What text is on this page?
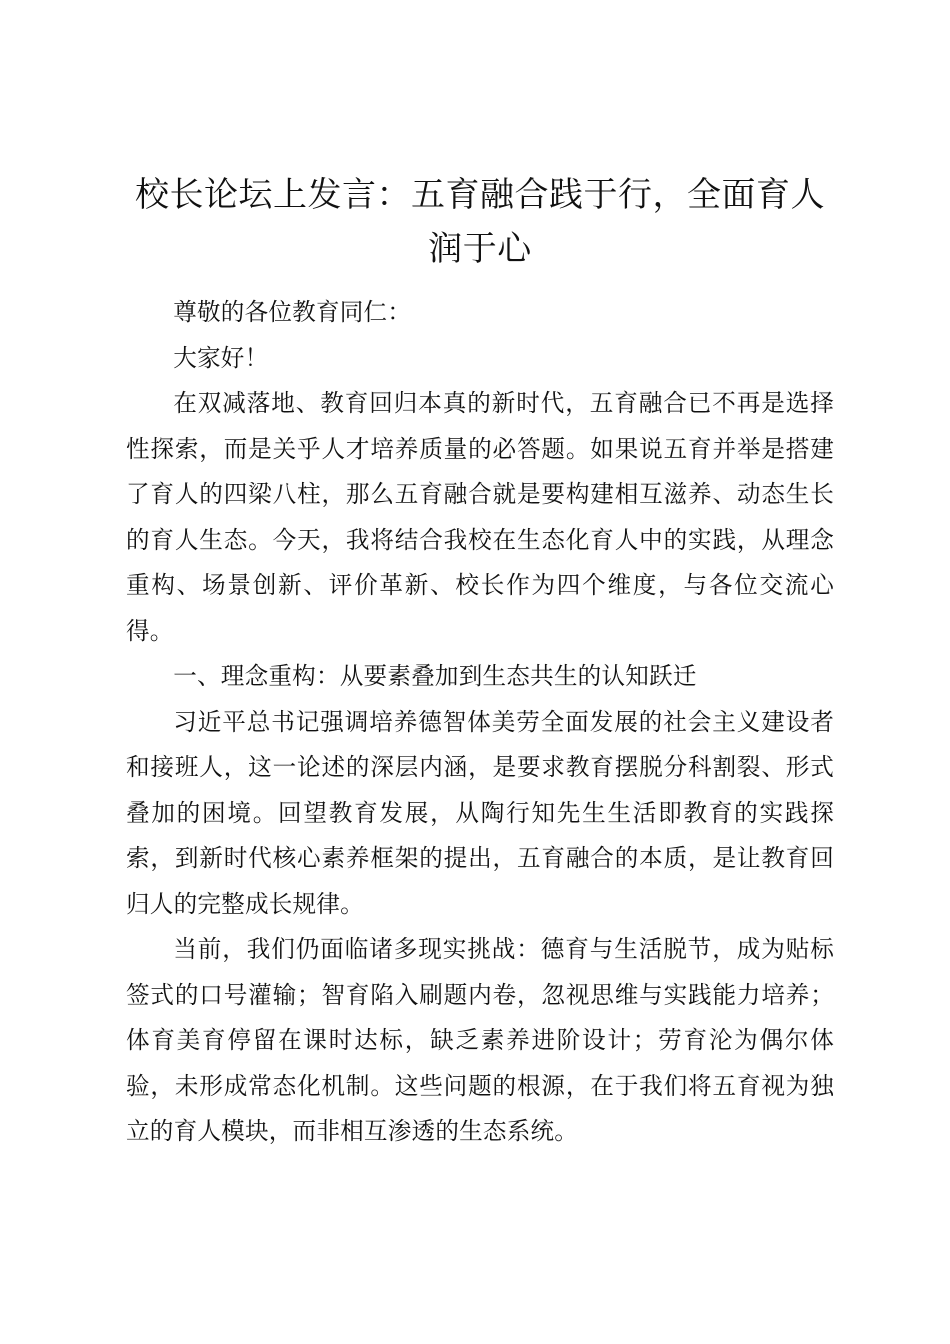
校长论坛上发言：五育融合践于行，全面育人润于心

尊敬的各位教育同仁：

大家好！

在双减落地、教育回归本真的新时代，五育融合已不再是选择性探索，而是关乎人才培养质量的必答题。如果说五育并举是搭建了育人的四梁八柱，那么五育融合就是要构建相互滋养、动态生长的育人生态。今天，我将结合我校在生态化育人中的实践，从理念重构、场景创新、评价革新、校长作为四个维度，与各位交流心得。

一、理念重构：从要素叠加到生态共生的认知跃迁

习近平总书记强调培养德智体美劳全面发展的社会主义建设者和接班人，这一论述的深层内涵，是要求教育摆脱分科割裂、形式叠加的困境。回望教育发展，从陶行知先生生活即教育的实践探索，到新时代核心素养框架的提出，五育融合的本质，是让教育回归人的完整成长规律。

当前，我们仍面临诸多现实挑战：德育与生活脱节，成为贴标签式的口号灌输；智育陷入刷题内卷，忽视思维与实践能力培养；体育美育停留在课时达标，缺乏素养进阶设计；劳育沦为偶尔体验，未形成常态化机制。这些问题的根源，在于我们将五育视为独立的育人模块，而非相互渗透的生态系统。
